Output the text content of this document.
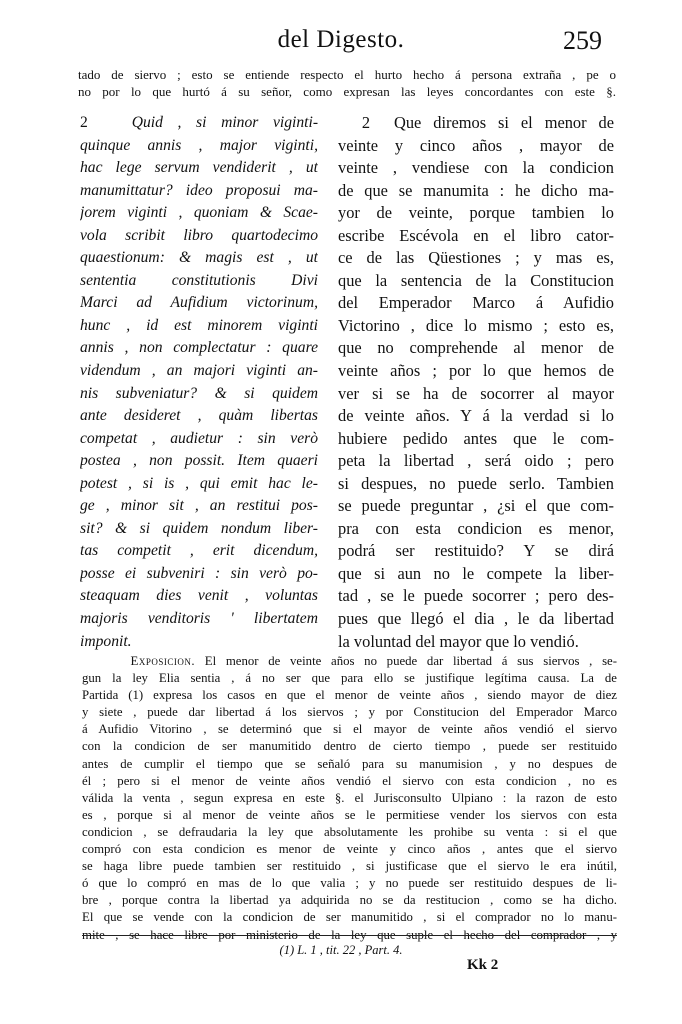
del Digesto.	259
tado de siervo ; esto se entiende respecto el hurto hecho á persona extraña , pe o
no por lo que hurtó á su señor, como expresan las leyes concordantes con este §.
2	Quid , si minor viginti-
quinque annis , major viginti,
hac lege servum vendiderit , ut
manumittatur? ideo proposui ma-
jorem viginti , quoniam & Scae-
vola scribit libro quartodecimo
quaestionum: & magis est , ut
sententia constitutionis Divi
Marci ad Aufidium victorinum,
hunc , id est minorem viginti
annis , non complectatur : quare
videndum , an majori viginti an-
nis subveniatur? & si quidem
ante desideret , quàm libertas
competat , audietur : sin verò
postea , non possit. Item quaeri
potest , si is , qui emit hac le-
ge , minor sit , an restitui pos-
sit? & si quidem nondum liber-
tas competit , erit dicendum,
posse ei subveniri : sin verò po-
steaquam dies venit , voluntas
majoris venditoris ' libertatem
imponit.
2 Que diremos si el menor de
veinte y cinco años , mayor de
veinte , vendiese con la condicion
de que se manumita : he dicho ma-
yor de veinte, porque tambien lo
escribe Escévola en el libro cator-
ce de las Qüestiones ; y mas es,
que la sentencia de la Constitucion
del Emperador Marco á Aufidio
Victorino , dice lo mismo ; esto es,
que no comprehende al menor de
veinte años ; por lo que hemos de
ver si se ha de socorrer al mayor
de veinte años. Y á la verdad si lo
hubiere pedido antes que le com-
peta la libertad , será oido ; pero
si despues, no puede serlo. Tambien
se puede preguntar , ¿si el que com-
pra con esta condicion es menor,
podrá ser restituido? Y se dirá
que si aun no le compete la liber-
tad , se le puede socorrer ; pero des-
pues que llegó el dia , le da libertad
la voluntad del mayor que lo vendió.
Exposicion. El menor de veinte años no puede dar libertad á sus siervos , se-
gun la ley Elia sentia , á no ser que para ello se justifique legítima causa. La de
Partida (1) expresa los casos en que el menor de veinte años , siendo mayor de diez
y siete , puede dar libertad á los siervos ; y por Constitucion del Emperador Marco
á Aufidio Vitorino , se determinó que si el mayor de veinte años vendió el siervo
con la condicion de ser manumitido dentro de cierto tiempo , puede ser restituido
antes de cumplir el tiempo que se señaló para su manumision , y no despues de
él ; pero si el menor de veinte años vendió el siervo con esta condicion , no es
válida la venta , segun expresa en este §. el Jurisconsulto Ulpiano : la razon de esto
es , porque si al menor de veinte años se le permitiese vender los siervos con esta
condicion , se defraudaria la ley que absolutamente les prohibe su venta : si el que
compró con esta condicion es menor de veinte y cinco años , antes que el siervo
se haga libre puede tambien ser restituido , si justificase que el siervo le era inútil,
ó que lo compró en mas de lo que valia ; y no puede ser restituido despues de li-
bre , porque contra la libertad ya adquirida no se da restitucion , como se ha dicho.
El que se vende con la condicion de ser manumitido , si el comprador no lo manu-
mite , se hace libre por ministerio de la ley que suple el hecho del comprador , y
(1) L. 1 , tit. 22 , Part. 4.
Kk 2
